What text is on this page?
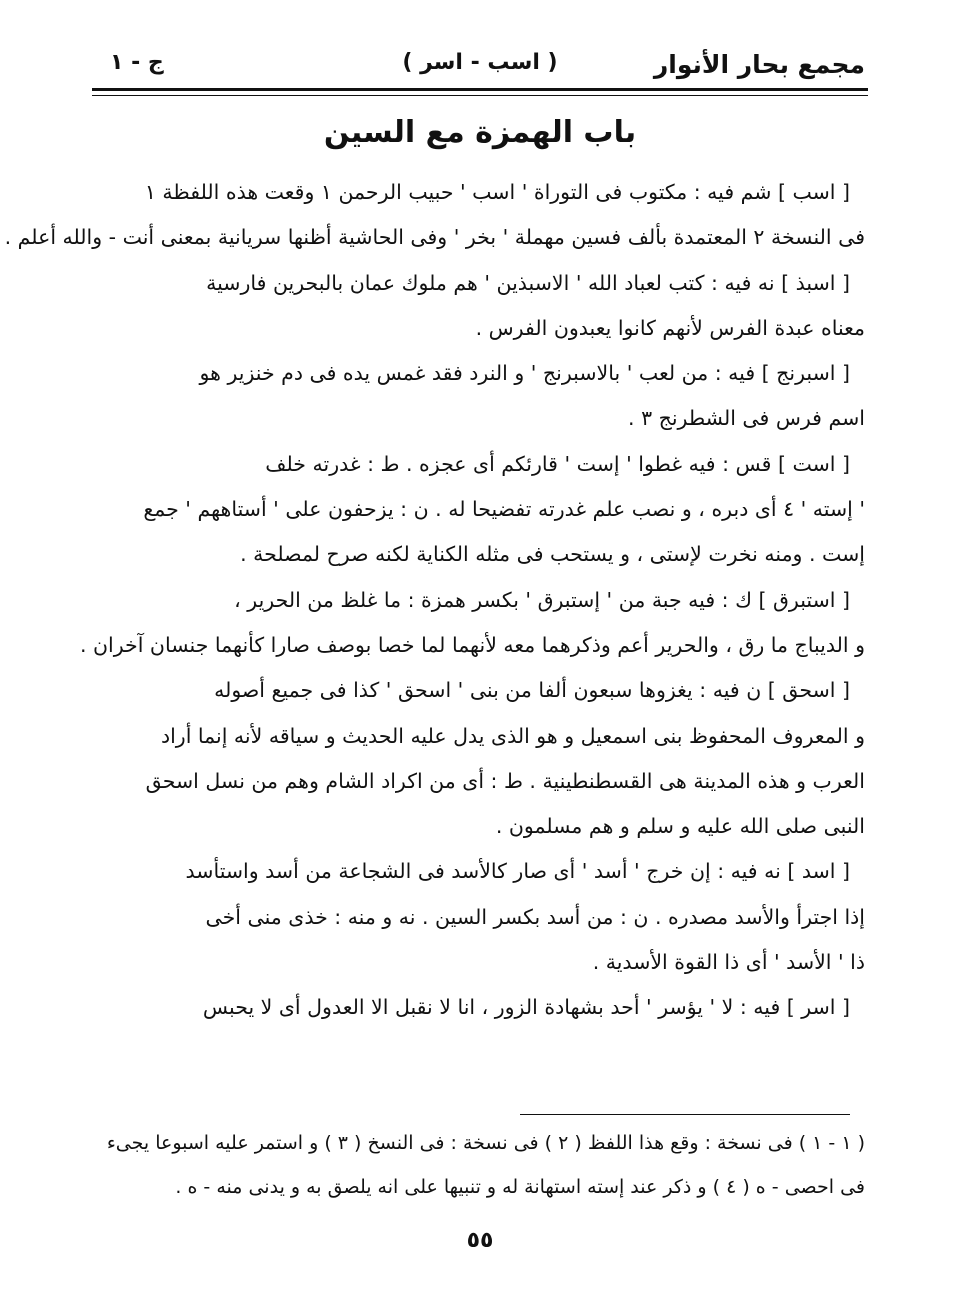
مجمع بحار الأنوار
( اسب - اسر )
ج - ١
باب الهمزة مع السين
[ اسب ] شم فيه : مكتوب فى التوراة ' اسب ' حبيب الرحمن ١ وقعت هذه اللفظة ١
فى النسخة ٢ المعتمدة بألف فسين مهملة ' بخر ' وفى الحاشية أظنها سريانية بمعنى أنت - والله أعلم .
[ اسبذ ] نه فيه : كتب لعباد الله ' الاسبذين ' هم ملوك عمان بالبحرين فارسية
معناه عبدة الفرس لأنهم كانوا يعبدون الفرس .
[ اسبرنج ] فيه : من لعب ' بالاسبرنج ' و النرد فقد غمس يده فى دم خنزير هو
اسم فرس فى الشطرنج ٣ .
[ است ] قس : فيه غطوا ' إست ' قارئكم أى عجزه . ط : غدرته خلف
' إسته ' ٤ أى دبره ، و نصب علم غدرته تفضيحا له . ن : يزحفون على ' أستاههم ' جمع
إست . ومنه نخرت لإستى ، و يستحب فى مثله الكناية لكنه صرح لمصلحة .
[ استبرق ] ك : فيه جبة من ' إستبرق ' بكسر همزة : ما غلظ من الحرير ،
و الديباج ما رق ، والحرير أعم وذكرهما معه لأنهما لما خصا بوصف صارا كأنهما جنسان آخران .
[ اسحق ] ن فيه : يغزوها سبعون ألفا من بنى ' اسحق ' كذا فى جميع أصوله
و المعروف المحفوظ بنى اسمعيل و هو الذى يدل عليه الحديث و سياقه لأنه إنما أراد
العرب و هذه المدينة هى القسطنطينية . ط : أى من اكراد الشام وهم من نسل اسحق
النبى صلى الله عليه و سلم و هم مسلمون .
[ اسد ] نه فيه : إن خرج ' أسد ' أى صار كالأسد فى الشجاعة من أسد واستأسد
إذا اجترأ والأسد مصدره . ن : من أسد بكسر السين . نه و منه : خذى منى أخى
ذا ' الأسد ' أى ذا القوة الأسدية .
[ اسر ] فيه : لا ' يؤسر ' أحد بشهادة الزور ، انا لا نقبل الا العدول أى لا يحبس
( ١ - ١ ) فى نسخة : وقع هذا اللفظ ( ٢ ) فى نسخة : فى النسخ ( ٣ ) و استمر عليه اسبوعا يجىء
فى احصى - ه ( ٤ ) و ذكر عند إسته استهانة له و تنبيها على انه يلصق به و يدنى منه - ه .
٥٥
